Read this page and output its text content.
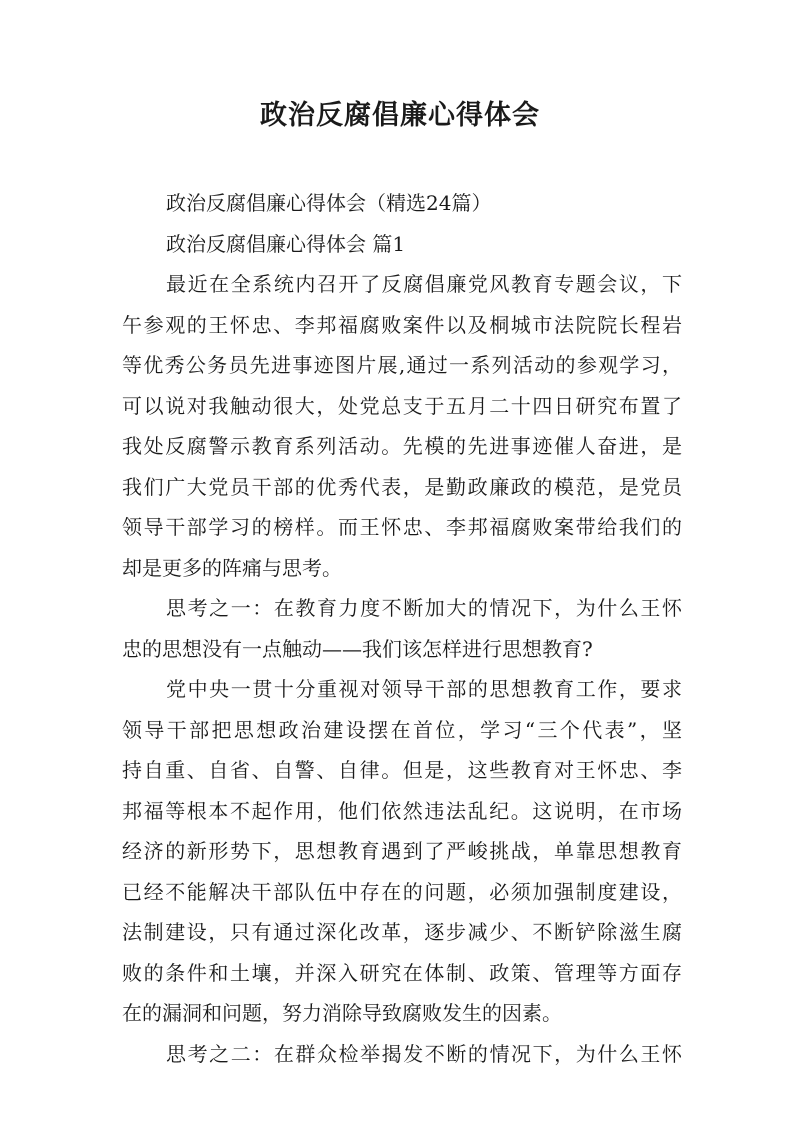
政治反腐倡廉心得体会
政治反腐倡廉心得体会（精选24篇）
政治反腐倡廉心得体会 篇1
最近在全系统内召开了反腐倡廉党风教育专题会议，下
午参观的王怀忠、李邦福腐败案件以及桐城市法院院长程岩
等优秀公务员先进事迹图片展,通过一系列活动的参观学习，
可以说对我触动很大，处党总支于五月二十四日研究布置了
我处反腐警示教育系列活动。先模的先进事迹催人奋进，是
我们广大党员干部的优秀代表，是勤政廉政的模范，是党员
领导干部学习的榜样。而王怀忠、李邦福腐败案带给我们的
却是更多的阵痛与思考。
思考之一：在教育力度不断加大的情况下，为什么王怀
忠的思想没有一点触动——我们该怎样进行思想教育?
党中央一贯十分重视对领导干部的思想教育工作，要求
领导干部把思想政治建设摆在首位，学习“三个代表”，坚
持自重、自省、自警、自律。但是，这些教育对王怀忠、李
邦福等根本不起作用，他们依然违法乱纪。这说明，在市场
经济的新形势下，思想教育遇到了严峻挑战，单靠思想教育
已经不能解决干部队伍中存在的问题，必须加强制度建设，
法制建设，只有通过深化改革，逐步减少、不断铲除滋生腐
败的条件和土壤，并深入研究在体制、政策、管理等方面存
在的漏洞和问题，努力消除导致腐败发生的因素。
思考之二：在群众检举揭发不断的情况下，为什么王怀
